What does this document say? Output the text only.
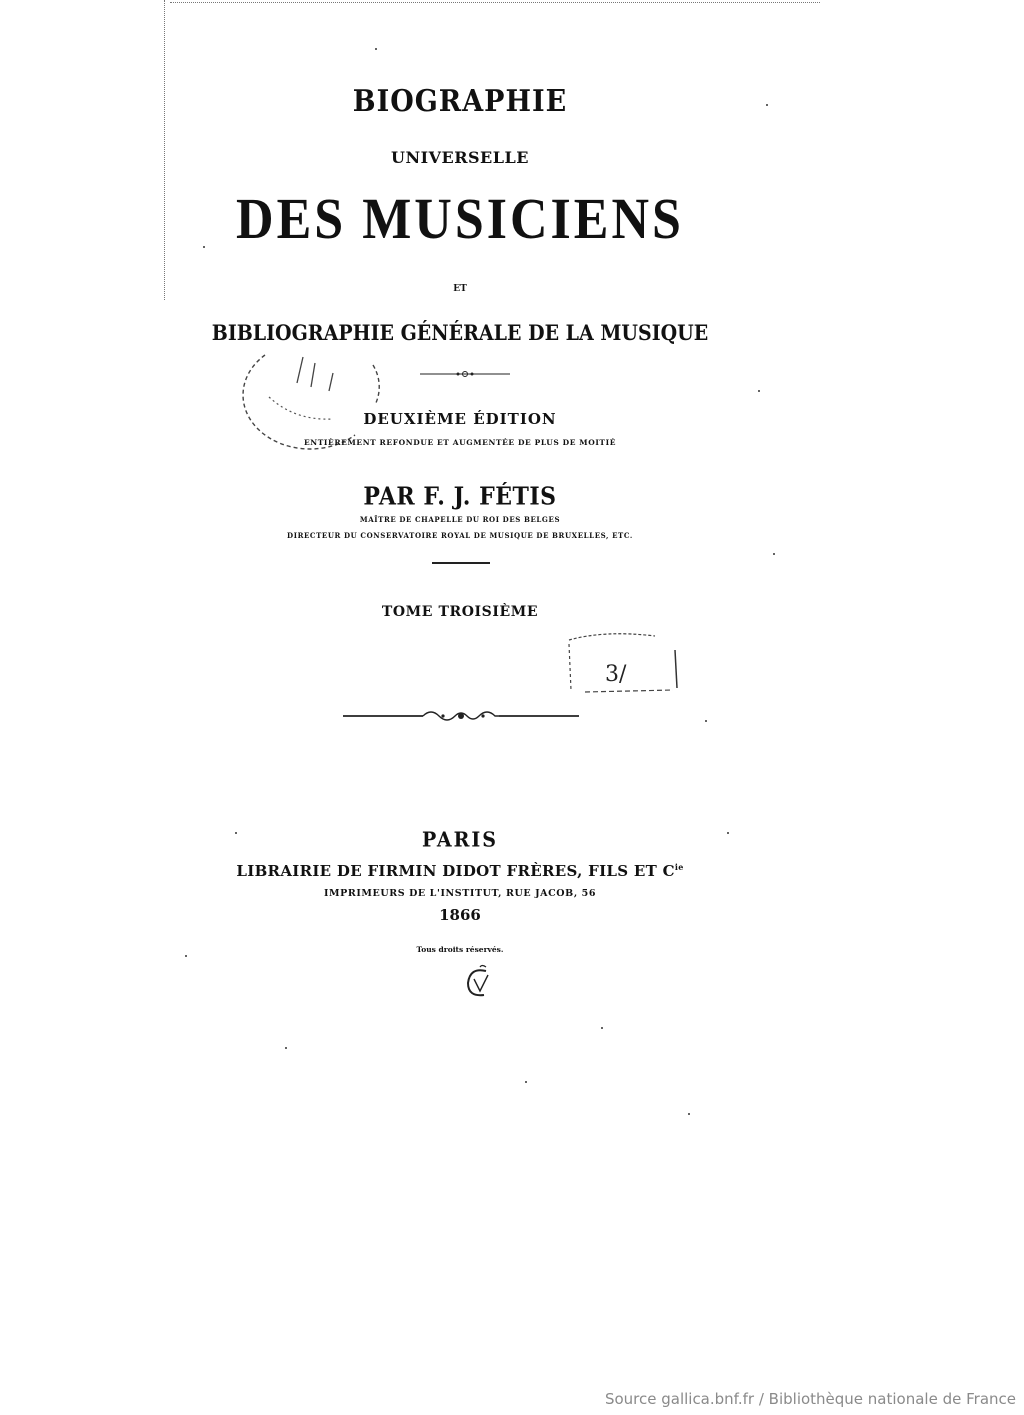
BIOGRAPHIE
UNIVERSELLE
DES MUSICIENS
ET
BIBLIOGRAPHIE GÉNÉRALE DE LA MUSIQUE
DEUXIÈME ÉDITION
ENTIÈREMENT REFONDUE ET AUGMENTÉE DE PLUS DE MOITIÉ
PAR F. J. FÉTIS
MAÎTRE DE CHAPELLE DU ROI DES BELGES
DIRECTEUR DU CONSERVATOIRE ROYAL DE MUSIQUE DE BRUXELLES, ETC.
TOME TROISIÈME
3/
PARIS
LIBRAIRIE DE FIRMIN DIDOT FRÈRES, FILS ET $C^{ie}$
IMPRIMEURS DE L'INSTITUT, RUE JACOB, 56
1866
Tous droits réservés.
Source gallica.bnf.fr / Bibliothèque nationale de France
